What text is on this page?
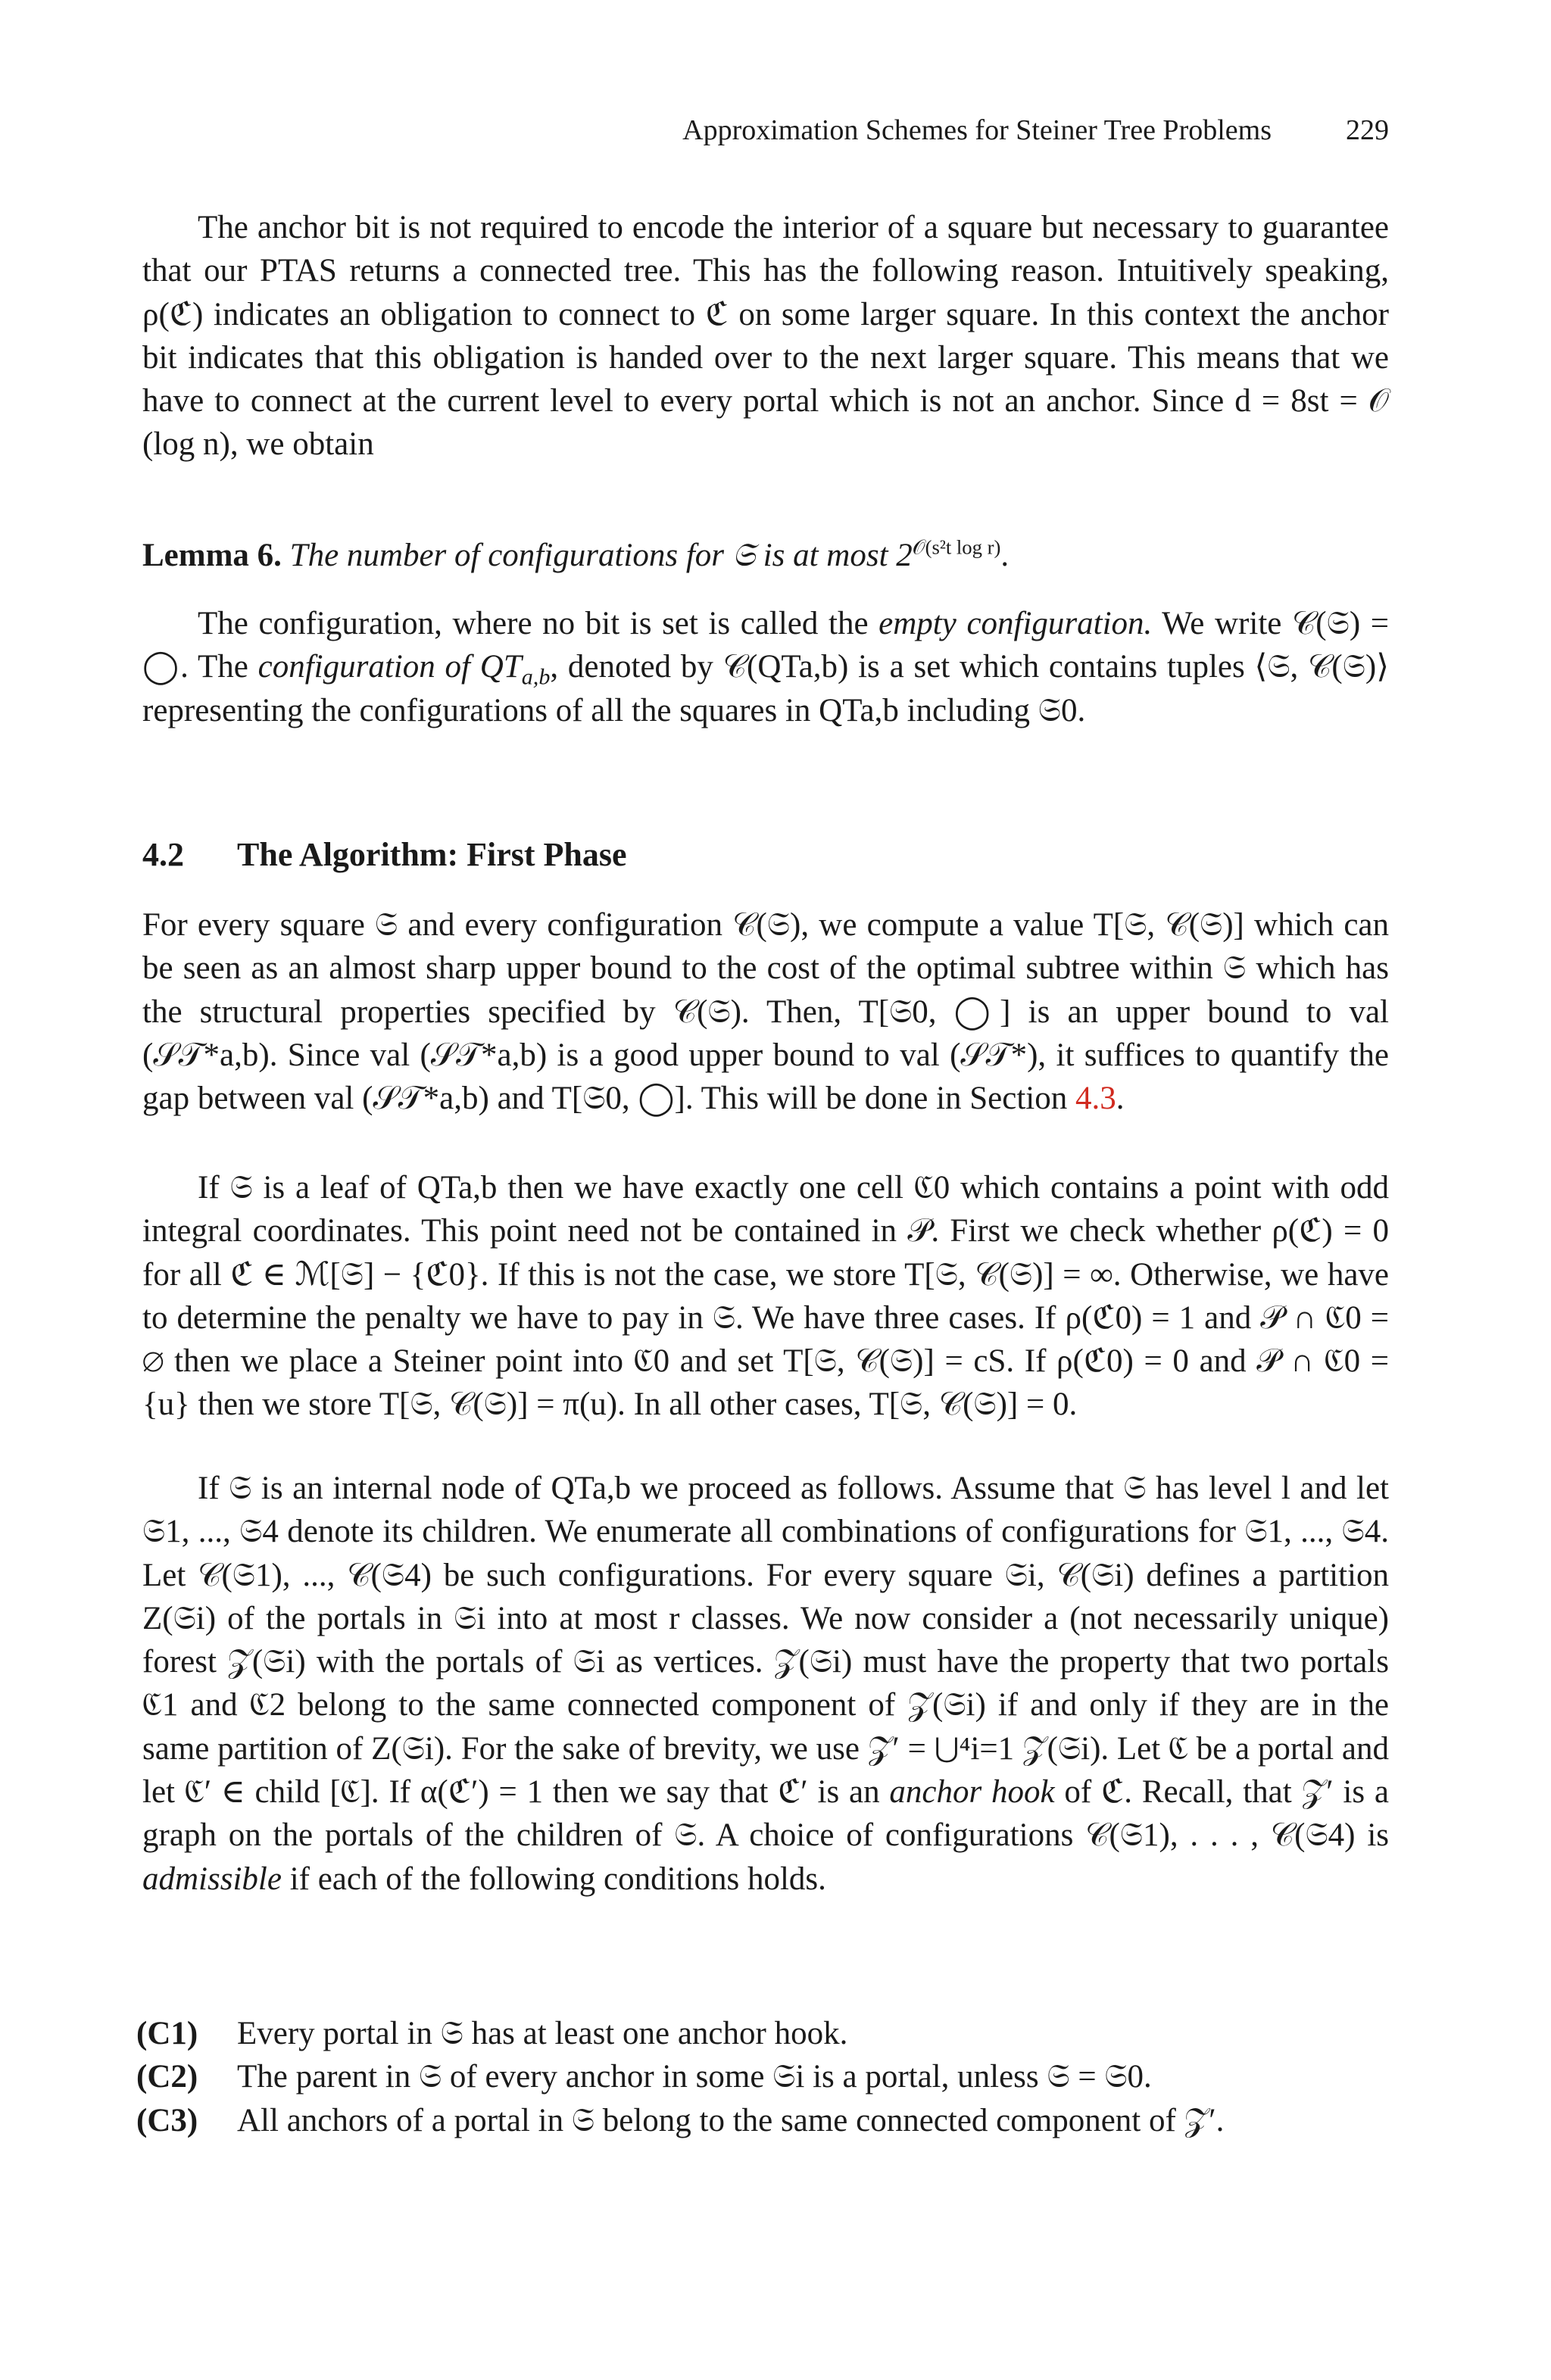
Approximation Schemes for Steiner Tree Problems	229

The anchor bit is not required to encode the interior of a square but necessary to guarantee that our PTAS returns a connected tree. This has the following reason. Intuitively speaking, ρ(ℭ) indicates an obligation to connect to ℭ on some larger square. In this context the anchor bit indicates that this obligation is handed over to the next larger square. This means that we have to connect at the current level to every portal which is not an anchor. Since d = 8st = 𝒪 (log n), we obtain

Lemma 6. The number of configurations for 𝔖 is at most $2^{𝒪(s^2t log r)}$.

The configuration, where no bit is set is called the empty configuration. We write 𝒞(𝔖) = ◯. The configuration of $QT_{a,b}$, denoted by 𝒞(QTa,b) is a set which contains tuples ⟨𝔖, 𝒞(𝔖)⟩ representing the configurations of all the squares in QTa,b including 𝔖0.

4.2 The Algorithm: First Phase

For every square 𝔖 and every configuration 𝒞(𝔖), we compute a value T[𝔖, 𝒞(𝔖)] which can be seen as an almost sharp upper bound to the cost of the optimal subtree within 𝔖 which has the structural properties specified by 𝒞(𝔖). Then, T[𝔖0, ◯] is an upper bound to val (𝒮𝒯*a,b). Since val (𝒮𝒯*a,b) is a good upper bound to val (𝒮𝒯*), it suffices to quantify the gap between val (𝒮𝒯*a,b) and T[𝔖0, ◯]. This will be done in Section 4.3.

If 𝔖 is a leaf of QTa,b then we have exactly one cell ℭ0 which contains a point with odd integral coordinates. This point need not be contained in 𝒫. First we check whether ρ(ℭ) = 0 for all ℭ ∈ ℳ[𝔖] − {ℭ0}. If this is not the case, we store T[𝔖, 𝒞(𝔖)] = ∞. Otherwise, we have to determine the penalty we have to pay in 𝔖. We have three cases. If ρ(ℭ0) = 1 and 𝒫 ∩ ℭ0 = ∅ then we place a Steiner point into ℭ0 and set T[𝔖, 𝒞(𝔖)] = cS. If ρ(ℭ0) = 0 and 𝒫 ∩ ℭ0 = {u} then we store T[𝔖, 𝒞(𝔖)] = π(u). In all other cases, T[𝔖, 𝒞(𝔖)] = 0.

If 𝔖 is an internal node of QTa,b we proceed as follows. Assume that 𝔖 has level l and let 𝔖1, ..., 𝔖4 denote its children. We enumerate all combinations of configurations for 𝔖1, ..., 𝔖4. Let 𝒞(𝔖1), ..., 𝒞(𝔖4) be such configurations. For every square 𝔖i, 𝒞(𝔖i) defines a partition Z(𝔖i) of the portals in 𝔖i into at most r classes. We now consider a (not necessarily unique) forest 𝒵(𝔖i) with the portals of 𝔖i as vertices. 𝒵(𝔖i) must have the property that two portals ℭ1 and ℭ2 belong to the same connected component of 𝒵(𝔖i) if and only if they are in the same partition of Z(𝔖i). For the sake of brevity, we use 𝒵′ = ⋃⁴i=1 𝒵(𝔖i). Let ℭ be a portal and let ℭ′ ∈ child [ℭ]. If α(ℭ′) = 1 then we say that ℭ′ is an anchor hook of ℭ. Recall, that 𝒵′ is a graph on the portals of the children of 𝔖. A choice of configurations 𝒞(𝔖1), . . . , 𝒞(𝔖4) is admissible if each of the following conditions holds.

(C1) Every portal in 𝔖 has at least one anchor hook.
(C2) The parent in 𝔖 of every anchor in some 𝔖i is a portal, unless 𝔖 = 𝔖0.
(C3) All anchors of a portal in 𝔖 belong to the same connected component of 𝒵′.
